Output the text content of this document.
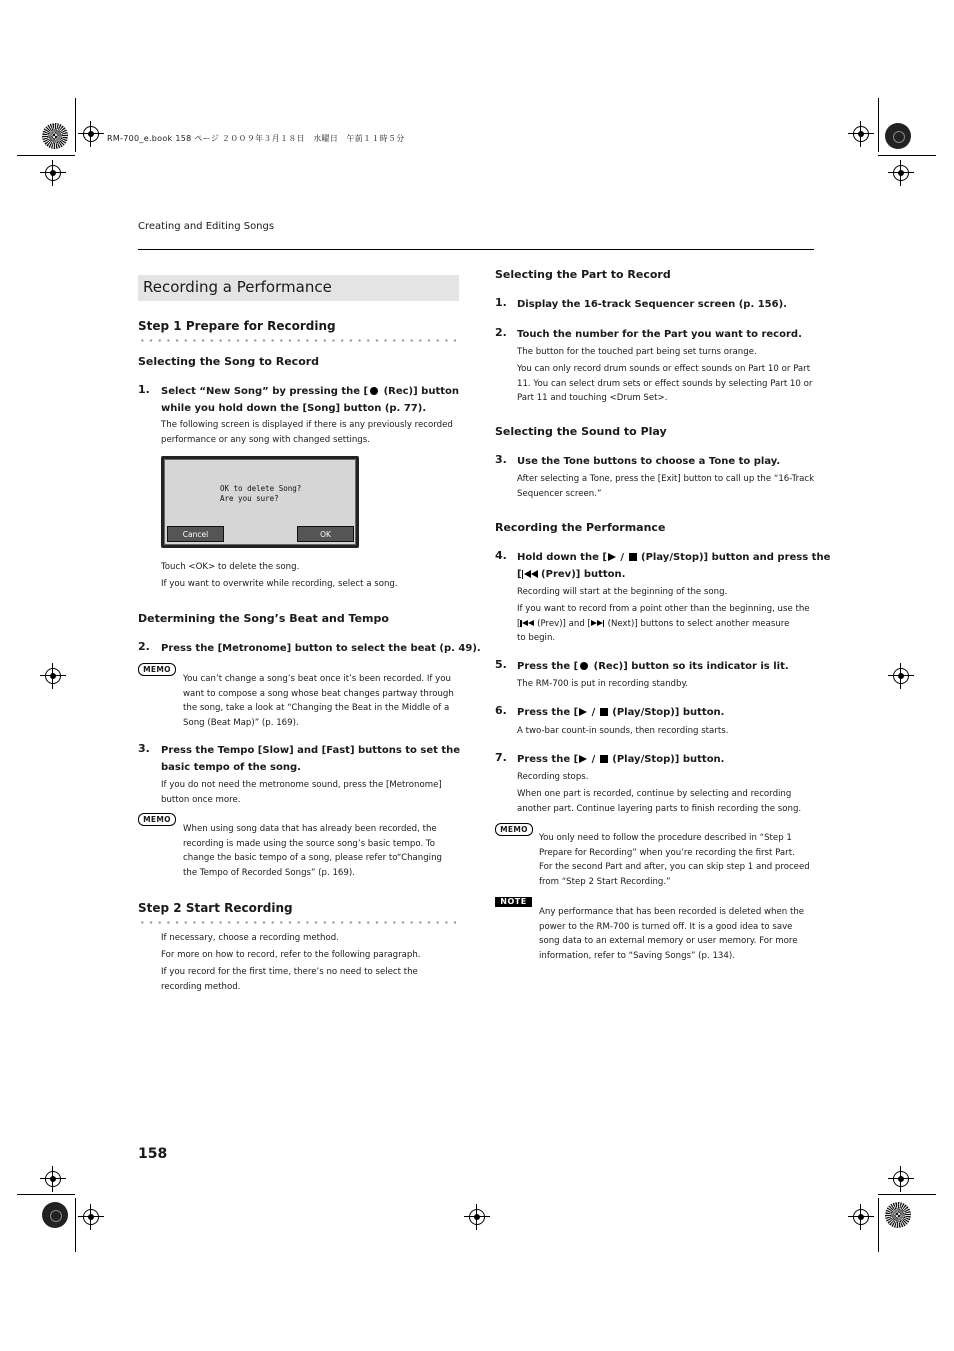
RM-700_e.book 158 ページ ２００９年３月１８日　水曜日　午前１１時５分
Creating and Editing Songs
Recording a Performance
Step 1 Prepare for Recording
Selecting the Song to Record
1. Select “New Song” by pressing the [ (Rec)] button
while you hold down the [Song] button (p. 77).
The following screen is displayed if there is any previously recorded
performance or any song with changed settings.
OK to delete Song?
Are you sure?
Cancel	OK
Touch <OK> to delete the song.
If you want to overwrite while recording, select a song.
Determining the Song’s Beat and Tempo
2. Press the [Metronome] button to select the beat (p. 49).
MEMO
You can’t change a song’s beat once it’s been recorded. If you
want to compose a song whose beat changes partway through
the song, take a look at “Changing the Beat in the Middle of a
Song (Beat Map)” (p. 169).
3. Press the Tempo [Slow] and [Fast] buttons to set the
basic tempo of the song.
If you do not need the metronome sound, press the [Metronome]
button once more.
MEMO
When using song data that has already been recorded, the
recording is made using the source song’s basic tempo. To
change the basic tempo of a song, please refer to“Changing
the Tempo of Recorded Songs” (p. 169).
Step 2 Start Recording
If necessary, choose a recording method.
For more on how to record, refer to the following paragraph.
If you record for the first time, there’s no need to select the
recording method.
Selecting the Part to Record
1. Display the 16-track Sequencer screen (p. 156).
2. Touch the number for the Part you want to record.
The button for the touched part being set turns orange.
You can only record drum sounds or effect sounds on Part 10 or Part
11. You can select drum sets or effect sounds by selecting Part 10 or
Part 11 and touching <Drum Set>.
Selecting the Sound to Play
3. Use the Tone buttons to choose a Tone to play.
After selecting a Tone, press the [Exit] button to call up the “16-Track
Sequencer screen.”
Recording the Performance
4. Hold down the [ /  (Play/Stop)] button and press the
[ (Prev)] button.
Recording will start at the beginning of the song.
If you want to record from a point other than the beginning, use the
[ (Prev)] and [ (Next)] buttons to select another measure
to begin.
5. Press the [ (Rec)] button so its indicator is lit.
The RM-700 is put in recording standby.
6. Press the [ /  (Play/Stop)] button.
A two-bar count-in sounds, then recording starts.
7. Press the [ /  (Play/Stop)] button.
Recording stops.
When one part is recorded, continue by selecting and recording
another part. Continue layering parts to finish recording the song.
MEMO
You only need to follow the procedure described in “Step 1
Prepare for Recording” when you’re recording the first Part.
For the second Part and after, you can skip step 1 and proceed
from “Step 2 Start Recording.”
NOTE
Any performance that has been recorded is deleted when the
power to the RM-700 is turned off. It is a good idea to save
song data to an external memory or user memory. For more
information, refer to “Saving Songs” (p. 134).
158
